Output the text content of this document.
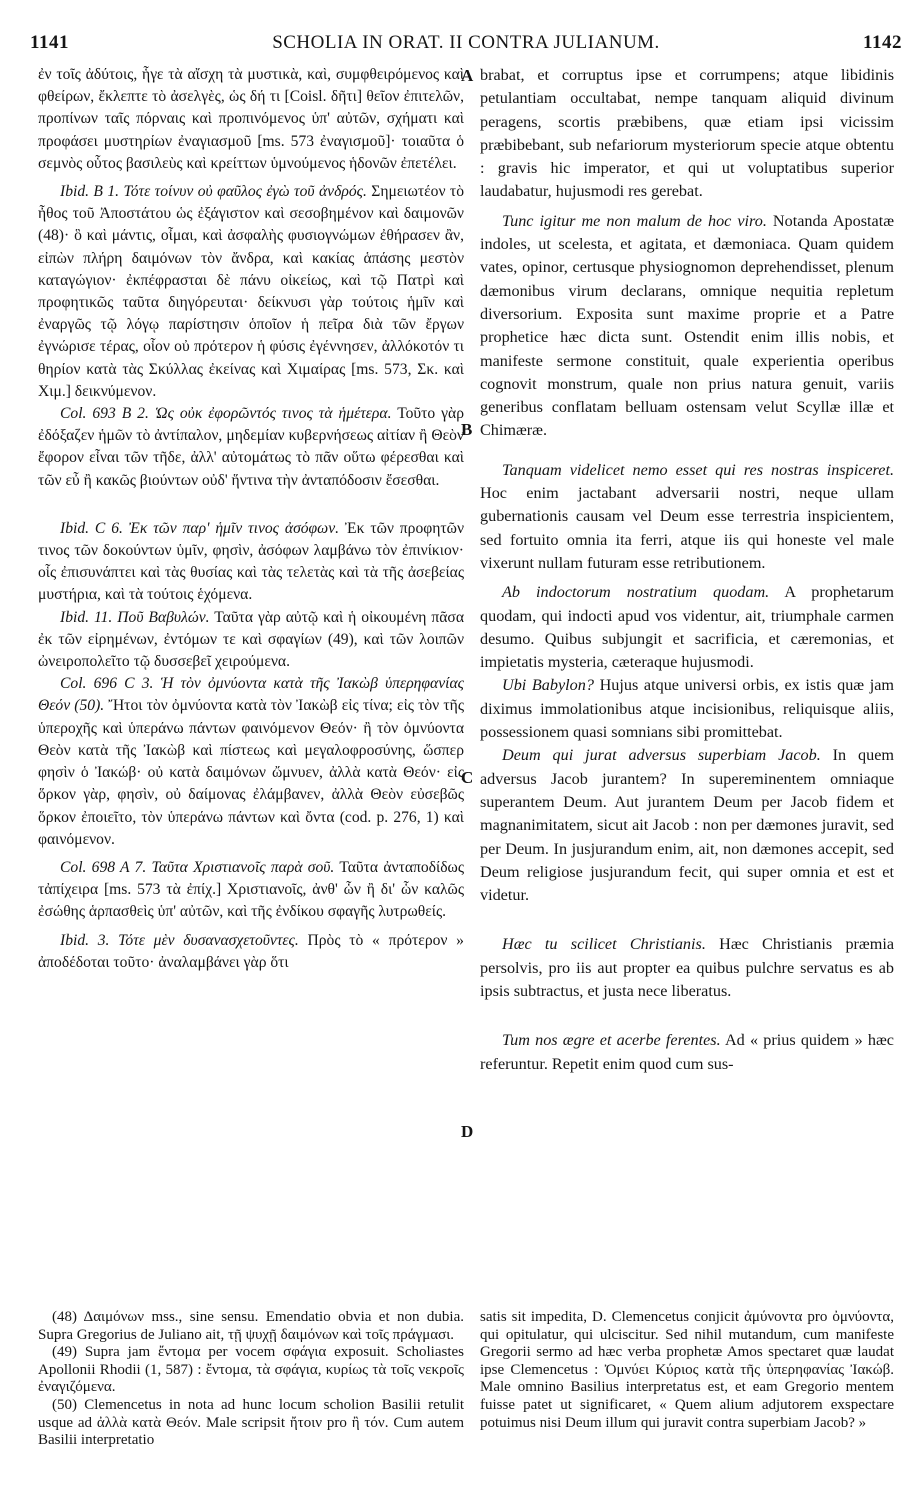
1141	SCHOLIA IN ORAT. II CONTRA JULIANUM.	1142
A
B
C
D

ἐν τοῖς ἀδύτοις, ἧγε τὰ αἴσχη τὰ μυστικὰ, καὶ, συμφθειρόμενος καὶ φθείρων, ἔκλεπτε τὸ ἀσελγὲς, ὡς δή τι [Coisl. δῆτι] θεῖον ἐπιτελῶν, προπίνων ταῖς πόρναις καὶ προπινόμενος ὑπ' αὐτῶν, σχήματι καὶ προφάσει μυστηρίων ἐναγιασμοῦ [ms. 573 ἐναγισμοῦ]· τοιαῦτα ὁ σεμνὸς οὗτος βασιλεὺς καὶ κρείττων ὑμνούμενος ἡδονῶν ἐπετέλει.

Ibid. B 1. Τότε τοίνυν οὐ φαῦλος ἐγὼ τοῦ ἀνδρός. Σημειωτέον τὸ ἦθος τοῦ Ἀποστάτου ὡς ἐξάγιστον καὶ σεσοβημένον καὶ δαιμονῶν (48)· ὃ καὶ μάντις, οἶμαι, καὶ ἀσφαλὴς φυσιογνώμων ἐθήρασεν ἂν, εἰπὼν πλήρη δαιμόνων τὸν ἄνδρα, καὶ κακίας ἁπάσης μεστὸν καταγώγιον· ἐκπέφρασται δὲ πάνυ οἰκείως, καὶ τῷ Πατρὶ καὶ προφητικῶς ταῦτα διηγόρευται· δείκνυσι γὰρ τούτοις ἡμῖν καὶ ἐναργῶς τῷ λόγῳ παρίστησιν ὁποῖον ἡ πεῖρα διὰ τῶν ἔργων ἐγνώρισε τέρας, οἷον οὐ πρότερον ἡ φύσις ἐγέννησεν, ἀλλόκοτόν τι θηρίον κατὰ τὰς Σκύλλας ἐκείνας καὶ Χιμαίρας [ms. 573, Σκ. καὶ Χιμ.] δεικνύμενον.

Col. 693 B 2. Ὡς οὐκ ἐφορῶντός τινος τὰ ἡμέτερα. Τοῦτο γὰρ ἐδόξαζεν ἡμῶν τὸ ἀντίπαλον, μηδεμίαν κυβερνήσεως αἰτίαν ἢ Θεὸν ἔφορον εἶναι τῶν τῆδε, ἀλλ' αὐτομάτως τὸ πᾶν οὕτω φέρεσθαι καὶ τῶν εὖ ἢ κακῶς βιούντων οὐδ' ἥντινα τὴν ἀνταπόδοσιν ἔσεσθαι.

Ibid. C 6. Ἐκ τῶν παρ' ἡμῖν τινος ἀσόφων. Ἐκ τῶν προφητῶν τινος τῶν δοκούντων ὑμῖν, φησὶν, ἀσόφων λαμβάνω τὸν ἐπινίκιον· οἷς ἐπισυνάπτει καὶ τὰς θυσίας καὶ τὰς τελετὰς καὶ τὰ τῆς ἀσεβείας μυστήρια, καὶ τὰ τούτοις ἑχόμενα.

Ibid. 11. Ποῦ Βαβυλών. Ταῦτα γὰρ αὐτῷ καὶ ἡ οἰκουμένη πᾶσα ἐκ τῶν εἰρημένων, ἐντόμων τε καὶ σφαγίων (49), καὶ τῶν λοιπῶν ὠνειροπολεῖτο τῷ δυσσεβεῖ χειρούμενα.

Col. 696 C 3. Ἡ τὸν ὀμνύοντα κατὰ τῆς Ἰακὼβ ὑπερηφανίας Θεόν (50). Ἤτοι τὸν ὀμνύοντα κατὰ τὸν Ἰακὼβ εἰς τίνα; εἰς τὸν τῆς ὑπεροχῆς καὶ ὑπεράνω πάντων φαινόμενον Θεόν· ἢ τὸν ὀμνύοντα Θεὸν κατὰ τῆς Ἰακὼβ καὶ πίστεως καὶ μεγαλοφροσύνης, ὥσπερ φησὶν ὁ Ἰακώβ· οὐ κατὰ δαιμόνων ὤμνυεν, ἀλλὰ κατὰ Θεόν· εἰς ὅρκον γὰρ, φησὶν, οὐ δαίμονας ἐλάμβανεν, ἀλλὰ Θεὸν εὐσεβῶς ὅρκον ἐποιεῖτο, τὸν ὑπεράνω πάντων καὶ ὄντα (cod. p. 276, 1) καὶ φαινόμενον.

Col. 698 A 7. Ταῦτα Χριστιανοῖς παρὰ σοῦ. Ταῦτα ἀνταποδίδως τἀπίχειρα [ms. 573 τὰ ἐπίχ.] Χριστιανοῖς, ἀνθ' ὧν ἢ δι' ὧν καλῶς ἐσώθης ἁρπασθεὶς ὑπ' αὐτῶν, καὶ τῆς ἐνδίκου σφαγῆς λυτρωθείς.

Ibid. 3. Τότε μὲν δυσανασχετοῦντες. Πρὸς τὸ « πρότερον » ἀποδέδοται τοῦτο· ἀναλαμβάνει γὰρ ὅτι

brabat, et corruptus ipse et corrumpens; atque libidinis petulantiam occultabat, nempe tanquam aliquid divinum peragens, scortis præbibens, quæ etiam ipsi vicissim præbibebant, sub nefariorum mysteriorum specie atque obtentu : gravis hic imperator, et qui ut voluptatibus superior laudabatur, hujusmodi res gerebat.

Tunc igitur me non malum de hoc viro. Notanda Apostatæ indoles, ut scelesta, et agitata, et dæmoniaca. Quam quidem vates, opinor, certusque physiognomon deprehendisset, plenum dæmonibus virum declarans, omnique nequitia repletum diversorium. Exposita sunt maxime proprie et a Patre prophetice hæc dicta sunt. Ostendit enim illis nobis, et manifeste sermone constituit, quale experientia operibus cognovit monstrum, quale non prius natura genuit, variis generibus conflatam belluam ostensam velut Scyllæ illæ et Chimæræ.

Tanquam videlicet nemo esset qui res nostras inspiceret. Hoc enim jactabant adversarii nostri, neque ullam gubernationis causam vel Deum esse terrestria inspicientem, sed fortuito omnia ita ferri, atque iis qui honeste vel male vixerunt nullam futuram esse retributionem.

Ab indoctorum nostratium quodam. A prophetarum quodam, qui indocti apud vos videntur, ait, triumphale carmen desumo. Quibus subjungit et sacrificia, et cæremonias, et impietatis mysteria, cæteraque hujusmodi.

Ubi Babylon? Hujus atque universi orbis, ex istis quæ jam diximus immolationibus atque incisionibus, reliquisque aliis, possessionem quasi somnians sibi promittebat.

Deum qui jurat adversus superbiam Jacob. In quem adversus Jacob jurantem? In supereminentem omniaque superantem Deum. Aut jurantem Deum per Jacob fidem et magnanimitatem, sicut ait Jacob : non per dæmones juravit, sed per Deum. In jusjurandum enim, ait, non dæmones accepit, sed Deum religiose jusjurandum fecit, qui super omnia et est et videtur.

Hæc tu scilicet Christianis. Hæc Christianis præmia persolvis, pro iis aut propter ea quibus pulchre servatus es ab ipsis subtractus, et justa nece liberatus.

Tum nos ægre et acerbe ferentes. Ad « prius quidem » hæc referuntur. Repetit enim quod cum sus-

(48) Δαιμόνων mss., sine sensu. Emendatio obvia et non dubia. Supra Gregorius de Juliano ait, τῇ ψυχῇ δαιμόνων καὶ τοῖς πράγμασι.

(49) Supra jam ἔντομα per vocem σφάγια exposuit. Scholiastes Apollonii Rhodii (1, 587) : ἔντομα, τὰ σφάγια, κυρίως τὰ τοῖς νεκροῖς ἐναγιζόμενα.

(50) Clemencetus in nota ad hunc locum scholion Basilii retulit usque ad ἀλλὰ κατὰ Θεόν. Male scripsit ἤτοιν pro ἢ τόν. Cum autem Basilii interpretatio

satis sit impedita, D. Clemencetus conjicit ἀμύνοντα pro ὀμνύοντα, qui opitulatur, qui ulciscitur. Sed nihil mutandum, cum manifeste Gregorii sermo ad hæc verba prophetæ Amos spectaret quæ laudat ipse Clemencetus : Ὀμνύει Κύριος κατὰ τῆς ὑπερηφανίας Ἰακώβ. Male omnino Basilius interpretatus est, et eam Gregorio mentem fuisse patet ut significaret, « Quem alium adjutorem exspectare potuimus nisi Deum illum qui juravit contra superbiam Jacob? »
